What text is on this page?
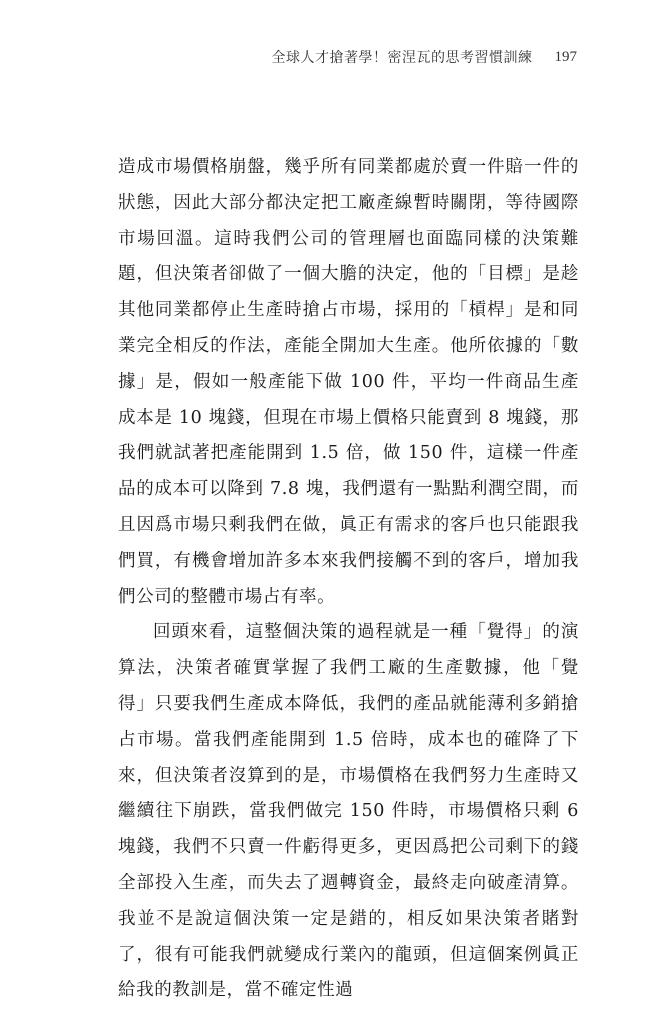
全球人才搶著學！密涅瓦的思考習慣訓練 197

造成市場價格崩盤，幾乎所有同業都處於賣一件賠一件的狀態，因此大部分都決定把工廠產線暫時關閉，等待國際市場回溫。這時我們公司的管理層也面臨同樣的決策難題，但決策者卻做了一個大膽的決定，他的「目標」是趁其他同業都停止生產時搶占市場，採用的「槓桿」是和同業完全相反的作法，產能全開加大生產。他所依據的「數據」是，假如一般產能下做 100 件，平均一件商品生產成本是 10 塊錢，但現在市場上價格只能賣到 8 塊錢，那我們就試著把產能開到 1.5 倍，做 150 件，這樣一件產品的成本可以降到 7.8 塊，我們還有一點點利潤空間，而且因爲市場只剩我們在做，眞正有需求的客戶也只能跟我們買，有機會增加許多本來我們接觸不到的客戶，增加我們公司的整體市場占有率。

回頭來看，這整個決策的過程就是一種「覺得」的演算法，決策者確實掌握了我們工廠的生產數據，他「覺得」只要我們生產成本降低，我們的產品就能薄利多銷搶占市場。當我們產能開到 1.5 倍時，成本也的確降了下來，但決策者沒算到的是，市場價格在我們努力生產時又繼續往下崩跌，當我們做完 150 件時，市場價格只剩 6 塊錢，我們不只賣一件虧得更多，更因爲把公司剩下的錢全部投入生產，而失去了週轉資金，最終走向破產清算。我並不是說這個決策一定是錯的，相反如果決策者賭對了，很有可能我們就變成行業內的龍頭，但這個案例眞正給我的教訓是，當不確定性過
